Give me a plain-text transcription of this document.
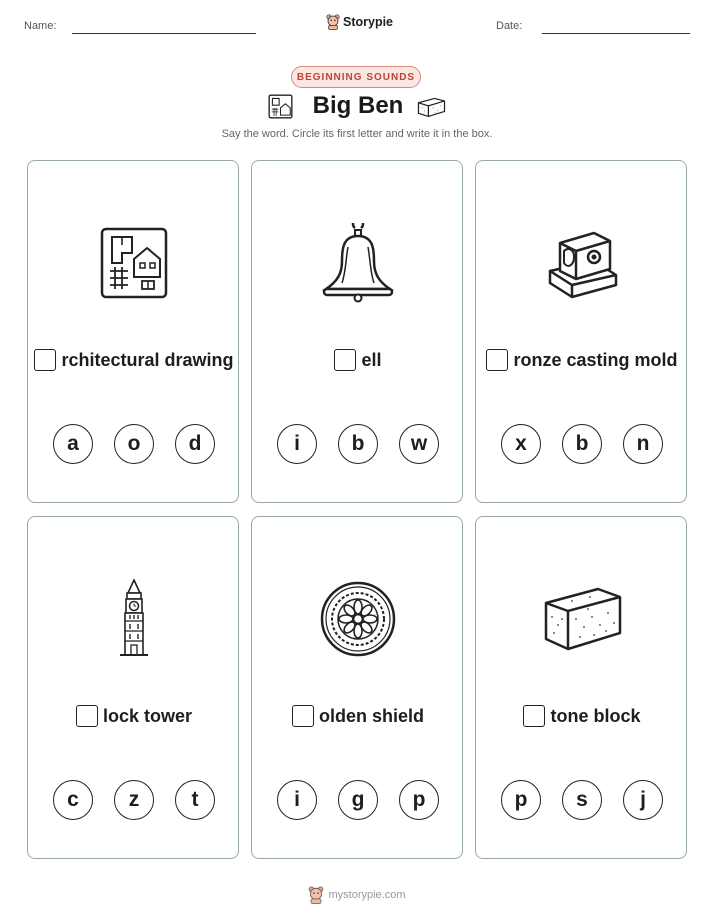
Name:	Storypie	Date:
BEGINNING SOUNDS
Big Ben
Say the word. Circle its first letter and write it in the box.
rchitectural drawing
a	o	d
ell
i	b	w
ronze casting mold
x	b	n
lock tower
c	z	t
olden shield
i	g	p
tone block
p	s	j
mystorypie.com
